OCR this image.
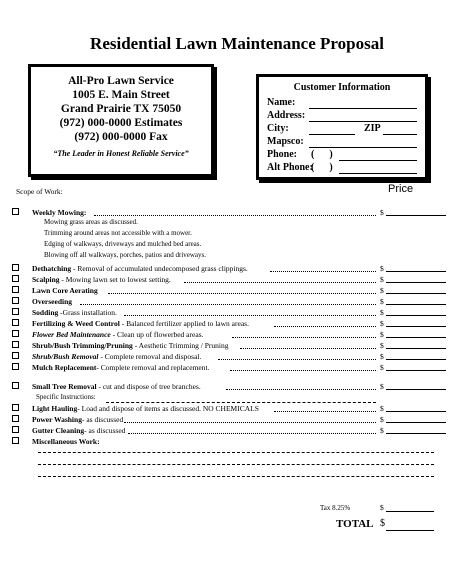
Residential Lawn Maintenance Proposal
All-Pro Lawn Service
1005 E. Main Street
Grand Prairie TX 75050
(972) 000-0000 Estimates
(972) 000-0000 Fax
“The Leader in Honest Reliable Service”
Customer Information
Name:
Address:
City:	ZIP
Mapsco:
Phone: (      )
Alt Phone:
(      )
Scope of Work:	Price
Weekly Mowing:	$
Mowing grass areas as discussed.
Trimming around areas not accessible with a mower.
Edging of walkways, driveways and mulched bed areas.
Blowing off all walkways, porches, patios and driveways.
Dethatching - Removal of accumulated undecomposed grass clippings.	$
Scalping - Mowing lawn set to lowest setting.	$
Lawn Core Aerating	$
Overseeding	$
Sodding -Grass installation.	$
Fertilizing & Weed Control - Balanced fertilizer applied to lawn areas.	$
Flower Bed Maintenance - Clean up of flowerbed areas.	$
Shrub/Bush Trimming/Pruning - Aesthetic Trimming / Pruning	$
Shrub/Bush Removal - Complete removal and disposal.	$
Mulch Replacement- Complete removal and replacement.	$
Small Tree Removal - cut and dispose of tree branches.	$
Specific Instructions:
Light Hauling- Load and dispose of items as discussed. NO CHEMICALS	$
Power Washing- as discussed	$
Gutter Cleaning- as discussed	$
Miscellaneous Work:
Tax 8.25%	$
TOTAL $
